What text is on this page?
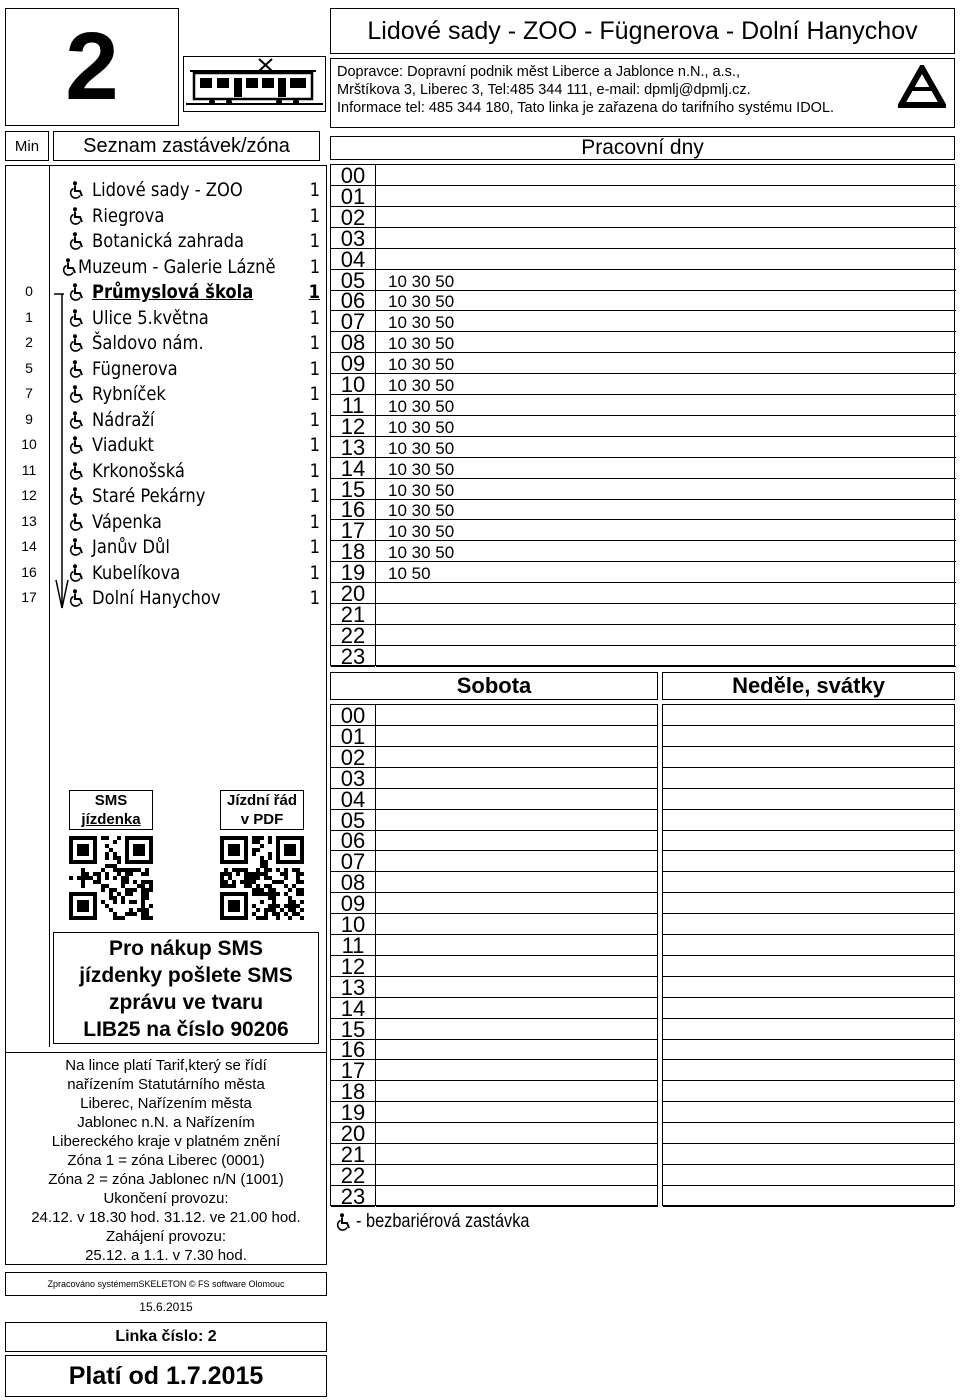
2	Lidové sady - ZOO - Fügnerova - Dolní Hanychov
Dopravce: Dopravní podnik měst Liberce a Jablonce n.N., a.s.,
Mrštíkova 3, Liberec 3, Tel:485 344 111, e-mail: dpmlj@dpmlj.cz.
Informace tel: 485 344 180, Tato linka je zařazena do tarifního systému IDOL.
Min Seznam zastávek/zóna
Lidové sady - ZOO	1
Riegrova	1
Botanická zahrada	1
Muzeum - Galerie Lázně 1
0	Průmyslová škola	1
1	Ulice 5.května	1
2	Šaldovo nám.	1
5	Fügnerova	1
7	Rybníček	1
9	Nádraží	1
10	Viadukt	1
11	Krkonošská	1
12	Staré Pekárny	1
13	Vápenka	1
14	Janův Důl	1
16	Kubelíkova	1
17	Dolní Hanychov	1
SMS
jízdenka
Jízdní řád
v PDF
Pro nákup SMS
jízdenky pošlete SMS
zprávu ve tvaru
LIB25 na číslo 90206
Na lince platí Tarif,který se řídí
nařízením Statutárního města
Liberec, Nařízením města
Jablonec n.N. a Nařízením
Libereckého kraje v platném znění
Zóna 1 = zóna Liberec (0001)
Zóna 2 = zóna Jablonec n/N (1001)
Ukončení provozu:
24.12. v 18.30 hod. 31.12. ve 21.00 hod.
Zahájení provozu:
25.12. a 1.1. v 7.30 hod.
Zpracováno systémemSKELETON © FS software Olomouc
15.6.2015
Linka číslo: 2
Platí od 1.7.2015
Pracovní dny
00
01
02
03
04
05	10 30 50
06	10 30 50
07	10 30 50
08	10 30 50
09	10 30 50
10	10 30 50
11	10 30 50
12	10 30 50
13	10 30 50
14	10 30 50
15	10 30 50
16	10 30 50
17	10 30 50
18	10 30 50
19	10 50
20
21
22
23
Sobota	Neděle, svátky
00
01
02
03
04
05
06
07
08
09
10
11
12
13
14
15
16
17
18
19
20
21
22
23
- bezbariérová zastávka
